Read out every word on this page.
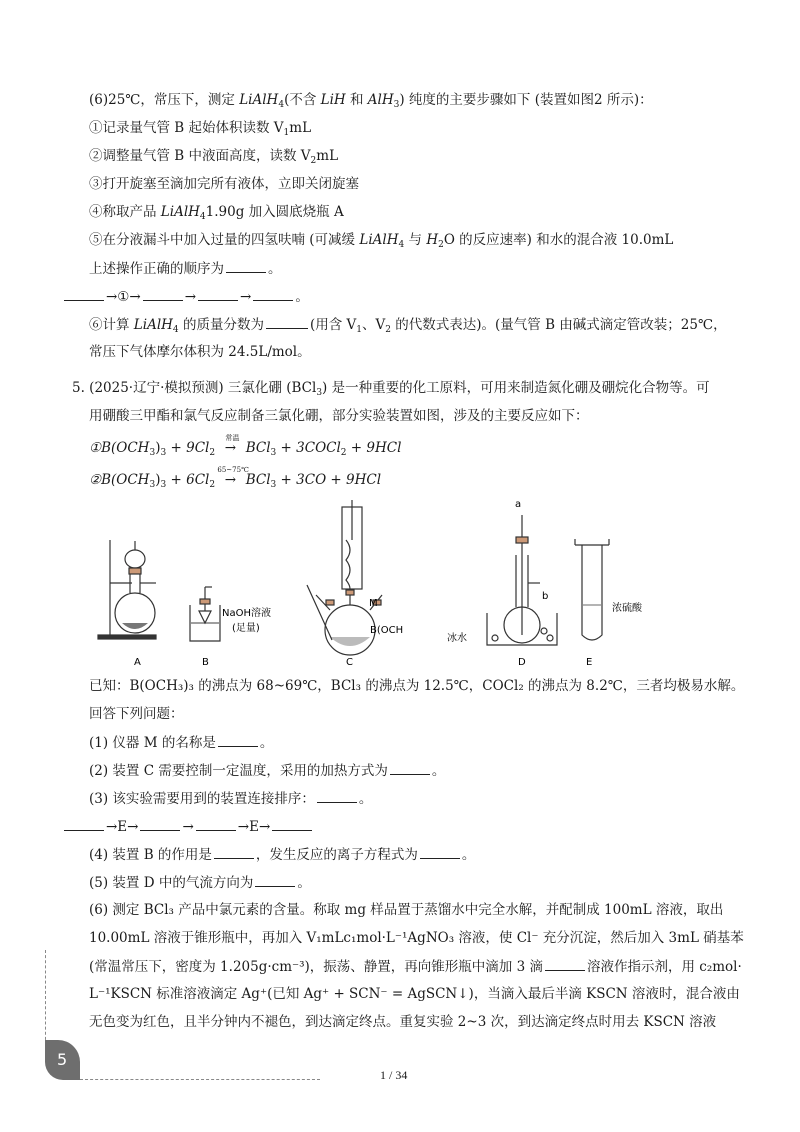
(6)25℃，常压下，测定 LiAlH$_4$(不含 LiH 和 AlH$_3$) 纯度的主要步骤如下 (装置如图2 所示)：
①记录量气管 B 起始体积读数 $V_1mL$
②调整量气管 B 中液面高度，读数 $V_2mL$
③打开旋塞至滴加完所有液体，立即关闭旋塞
④称取产品 LiAlH$_4$1.90g 加入圆底烧瓶 A
⑤在分液漏斗中加入过量的四氢呋喃 (可减缓 LiAlH$_4$ 与 $H_2O$ 的反应速率) 和水的混合液 10.0mL
上述操作正确的顺序为	。
→①→	→	→	。
⑥计算 LiAlH$_4$ 的质量分数为	(用含 $V_1$、$V_2$ 的代数式表达)。(量气管 B 由碱式滴定管改装；25℃，
常压下气体摩尔体积为 24.5L/mol。
5. (2025·辽宁·模拟预测) 三氯化硼 (BCl$_3$) 是一种重要的化工原料，可用来制造氮化硼及硼烷化合物等。可
用硼酸三甲酯和氯气反应制备三氯化硼，部分实验装置如图，涉及的主要反应如下：
$①B(OCH_3)_3 + 9Cl_2$
常温
→ BCl$_3$ + 3COCl$_2$ + 9HCl
$②B(OCH_3)_3 + 6Cl_2$
65~75℃
→ BCl$_3$ + 3CO + 9HCl
NaOH溶液
(足量)
M
B(OCH
冰水
浓硫酸
a
b
A	B	C	D	E
已知：B(OCH₃)₃ 的沸点为 68~69℃，BCl₃ 的沸点为 12.5℃，COCl₂ 的沸点为 8.2℃，三者均极易水解。
回答下列问题：
(1) 仪器 M 的名称是	。
(2) 装置 C 需要控制一定温度，采用的加热方式为	。
(3) 该实验需要用到的装置连接排序：	。
→E→	→	→E→
(4) 装置 B 的作用是	，发生反应的离子方程式为	。
(5) 装置 D 中的气流方向为	。
(6) 测定 BCl₃ 产品中氯元素的含量。称取 mg 样品置于蒸馏水中完全水解，并配制成 100mL 溶液，取出
10.00mL 溶液于锥形瓶中，再加入 V₁mLc₁mol·L⁻¹AgNO₃ 溶液，使 Cl⁻ 充分沉淀，然后加入 3mL 硝基苯
(常温常压下，密度为 1.205g·cm⁻³)，振荡、静置，再向锥形瓶中滴加 3 滴	溶液作指示剂，用 c₂mol·
L⁻¹KSCN 标准溶液滴定 Ag⁺(已知 Ag⁺ + SCN⁻ = AgSCN↓)，当滴入最后半滴 KSCN 溶液时，混合液由
无色变为红色，且半分钟内不褪色，到达滴定终点。重复实验 2~3 次，到达滴定终点时用去 KSCN 溶液
5
1 / 34
